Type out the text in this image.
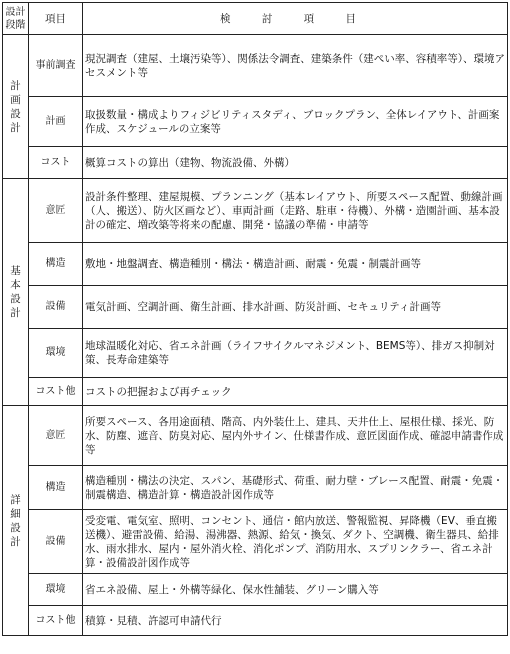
設計
段階	項目	検 討 項 目

計
画
設
計	事前調査	現況調査（建屋、土壌汚染等）、関係法令調査、建築条件（建ぺい率、容積率等）、環境アセスメント等
	計画	取扱数量・構成よりフィジビリティスタディ、ブロックプラン、全体レイアウト、計画案作成、スケジュールの立案等
	コスト	概算コストの算出（建物、物流設備、外構）

基
本
設
計	意匠	設計条件整理、建屋規模、プランニング（基本レイアウト、所要スペース配置、動線計画（人、搬送）、防火区画など）、車両計画（走路、駐車・待機）、外構・造園計画、基本設計の確定、増改築等将来の配慮、開発・協議の準備・申請等
	構造	敷地・地盤調査、構造種別・構法・構造計画、耐震・免震・制震計画等
	設備	電気計画、空調計画、衛生計画、排水計画、防災計画、セキュリティ計画等
	環境	地球温暖化対応、省エネ計画（ライフサイクルマネジメント、BEMS等）、排ガス抑制対策、長寿命建築等
	コスト他	コストの把握および再チェック

詳
細
設
計	意匠	所要スペース、各用途面積、階高、内外装仕上、建具、天井仕上、屋根仕様、採光、防水、防塵、遮音、防臭対応、屋内外サイン、仕様書作成、意匠図面作成、確認申請書作成等
	構造	構造種別・構法の決定、スパン、基礎形式、荷重、耐力壁・ブレース配置、耐震・免震・制震構造、構造計算・構造設計図作成等
	設備	受変電、電気室、照明、コンセント、通信・館内放送、警報監視、昇降機（EV、垂直搬送機）、避雷設備、給湯、湯沸器、熱源、給気・換気、ダクト、空調機、衛生器具、給排水、雨水排水、屋内・屋外消火栓、消化ポンプ、消防用水、スプリンクラー、省エネ計算・設備設計図作成等
	環境	省エネ設備、屋上・外構等緑化、保水性舗装、グリーン購入等
	コスト他	積算・見積、許認可申請代行
